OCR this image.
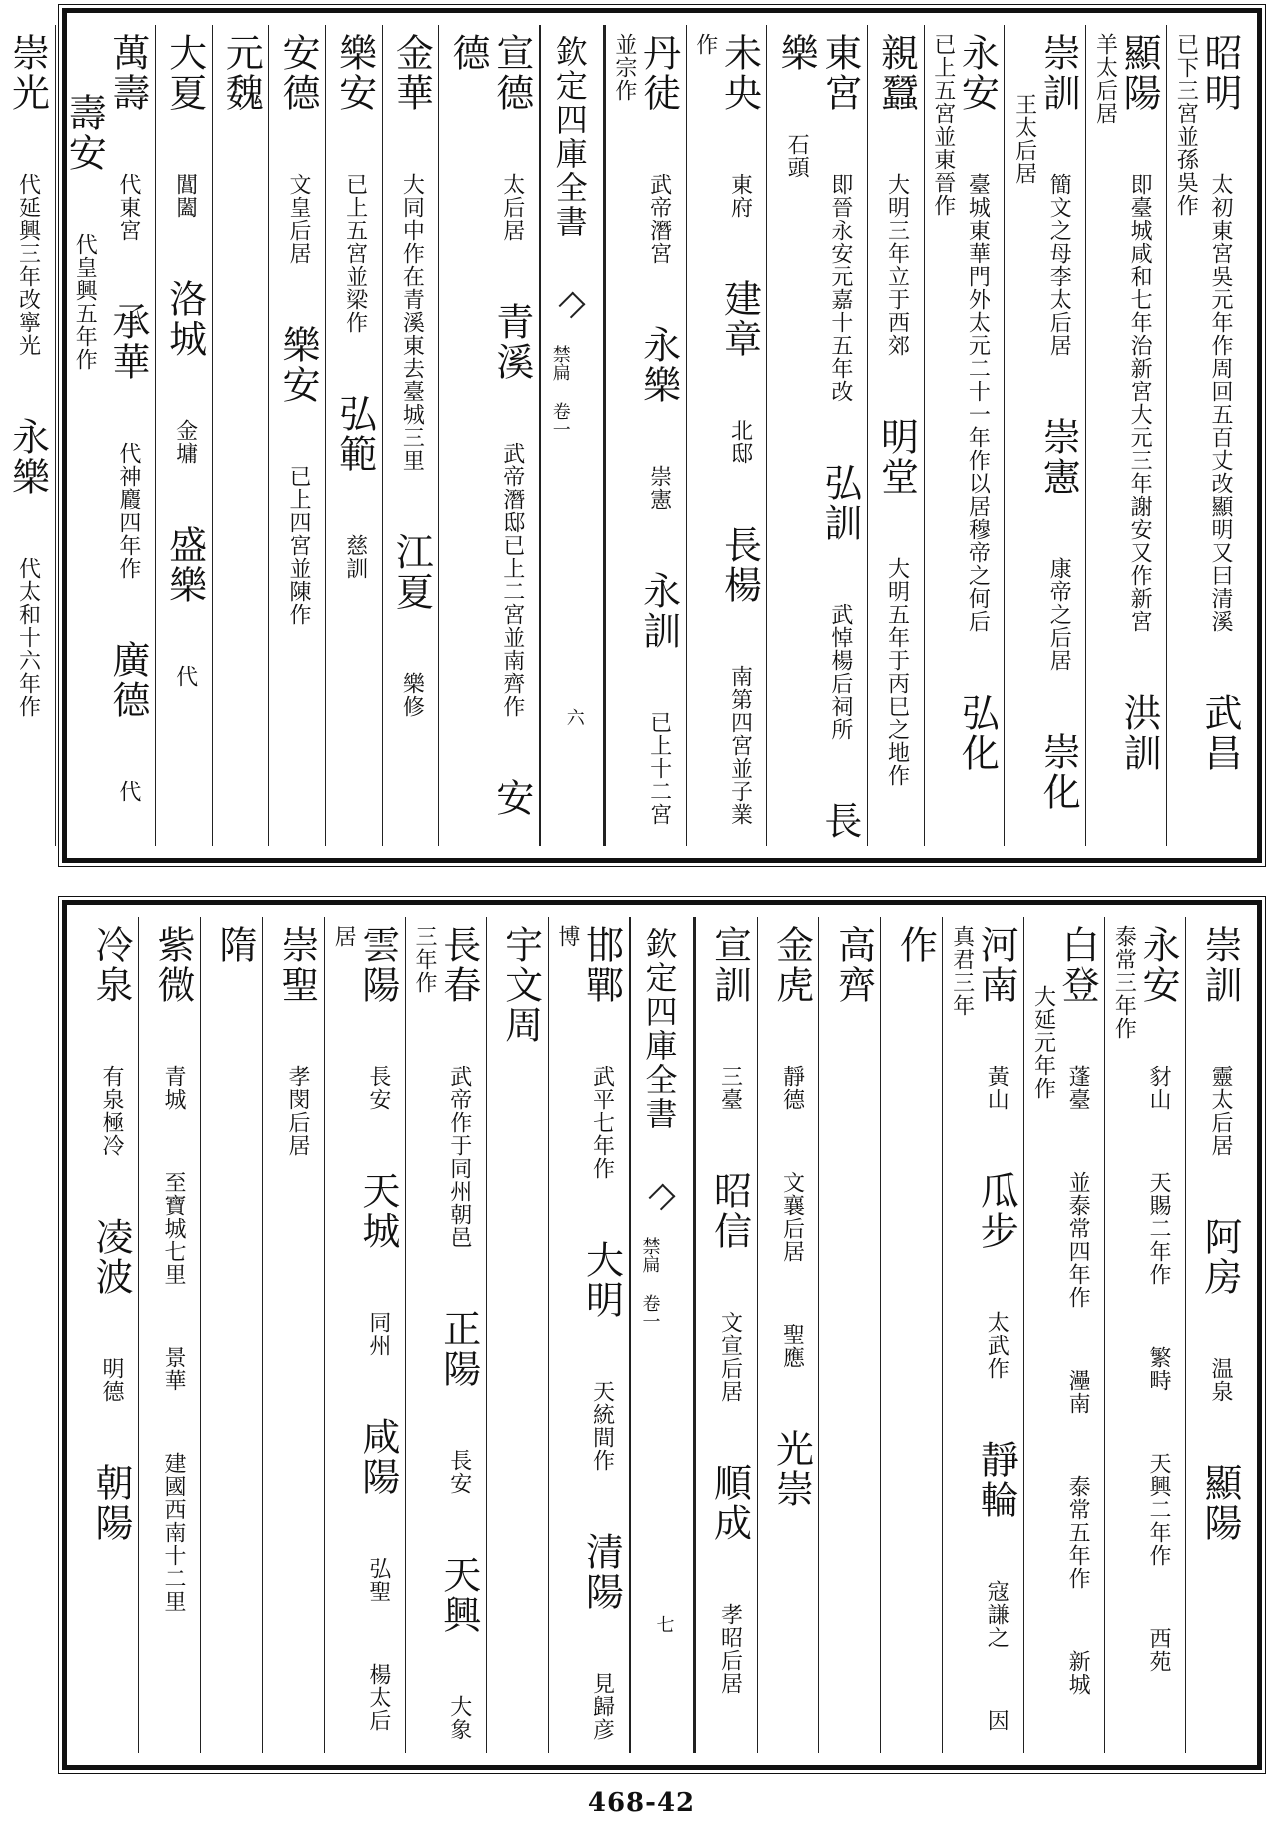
昭明太初東宮吳元年作周回五百丈改顯明又曰清溪武昌已下三宮並孫吳作
顯陽即臺城咸和七年治新宮大元三年謝安又作新宮洪訓羊太后居
崇訓簡文之母李太后居崇憲康帝之后居崇化王太后居
永安臺城東華門外太元二十一年作以居穆帝之何后弘化已上五宮並東晉作
親蠶大明三年立于西郊明堂大明五年于丙巳之地作
東宮即晉永安元嘉十五年改弘訓武悼楊后祠所長樂石頭
未央東府建章北邸長楊南第四宮並子業作
丹徒武帝潛宮永樂崇憲永訓已上十二宮並宗作
欽定四庫全書
禁扁 卷一
六
宣德太后居青溪武帝潛邸已上二宮並南齊作安德
金華大同中作在青溪東去臺城三里江夏樂修
樂安已上五宮並梁作弘範慈訓
安德文皇后居樂安已上四宮並陳作
元魏
大夏閶闔洛城金墉盛樂代
萬壽代東宮承華代神麚四年作廣德代壽安代皇興五年作
崇光代延興三年改寧光永樂代太和十六年作
崇訓靈太后居阿房温泉顯陽
永安豺山天賜二年作繁畤天興二年作西苑泰常三年作
白登蓬臺並泰常四年作灅南泰常五年作新城大延元年作
河南黃山瓜步太武作靜輪寇謙之因真君三年
作
高齊
金虎靜德文襄后居聖應光崇
宣訓三臺昭信文宣后居順成孝昭后居
欽定四庫全書
禁扁 卷一
七
邯鄲武平七年作大明天統間作清陽見歸彦博
宇文周
長春武帝作于同州朝邑正陽長安天興大象三年作
雲陽長安天城同州咸陽弘聖楊太后居
崇聖孝閔后居
隋
紫微青城至寶城七里景華建國西南十二里
冷泉有泉極冷凌波明德朝陽
468-42
